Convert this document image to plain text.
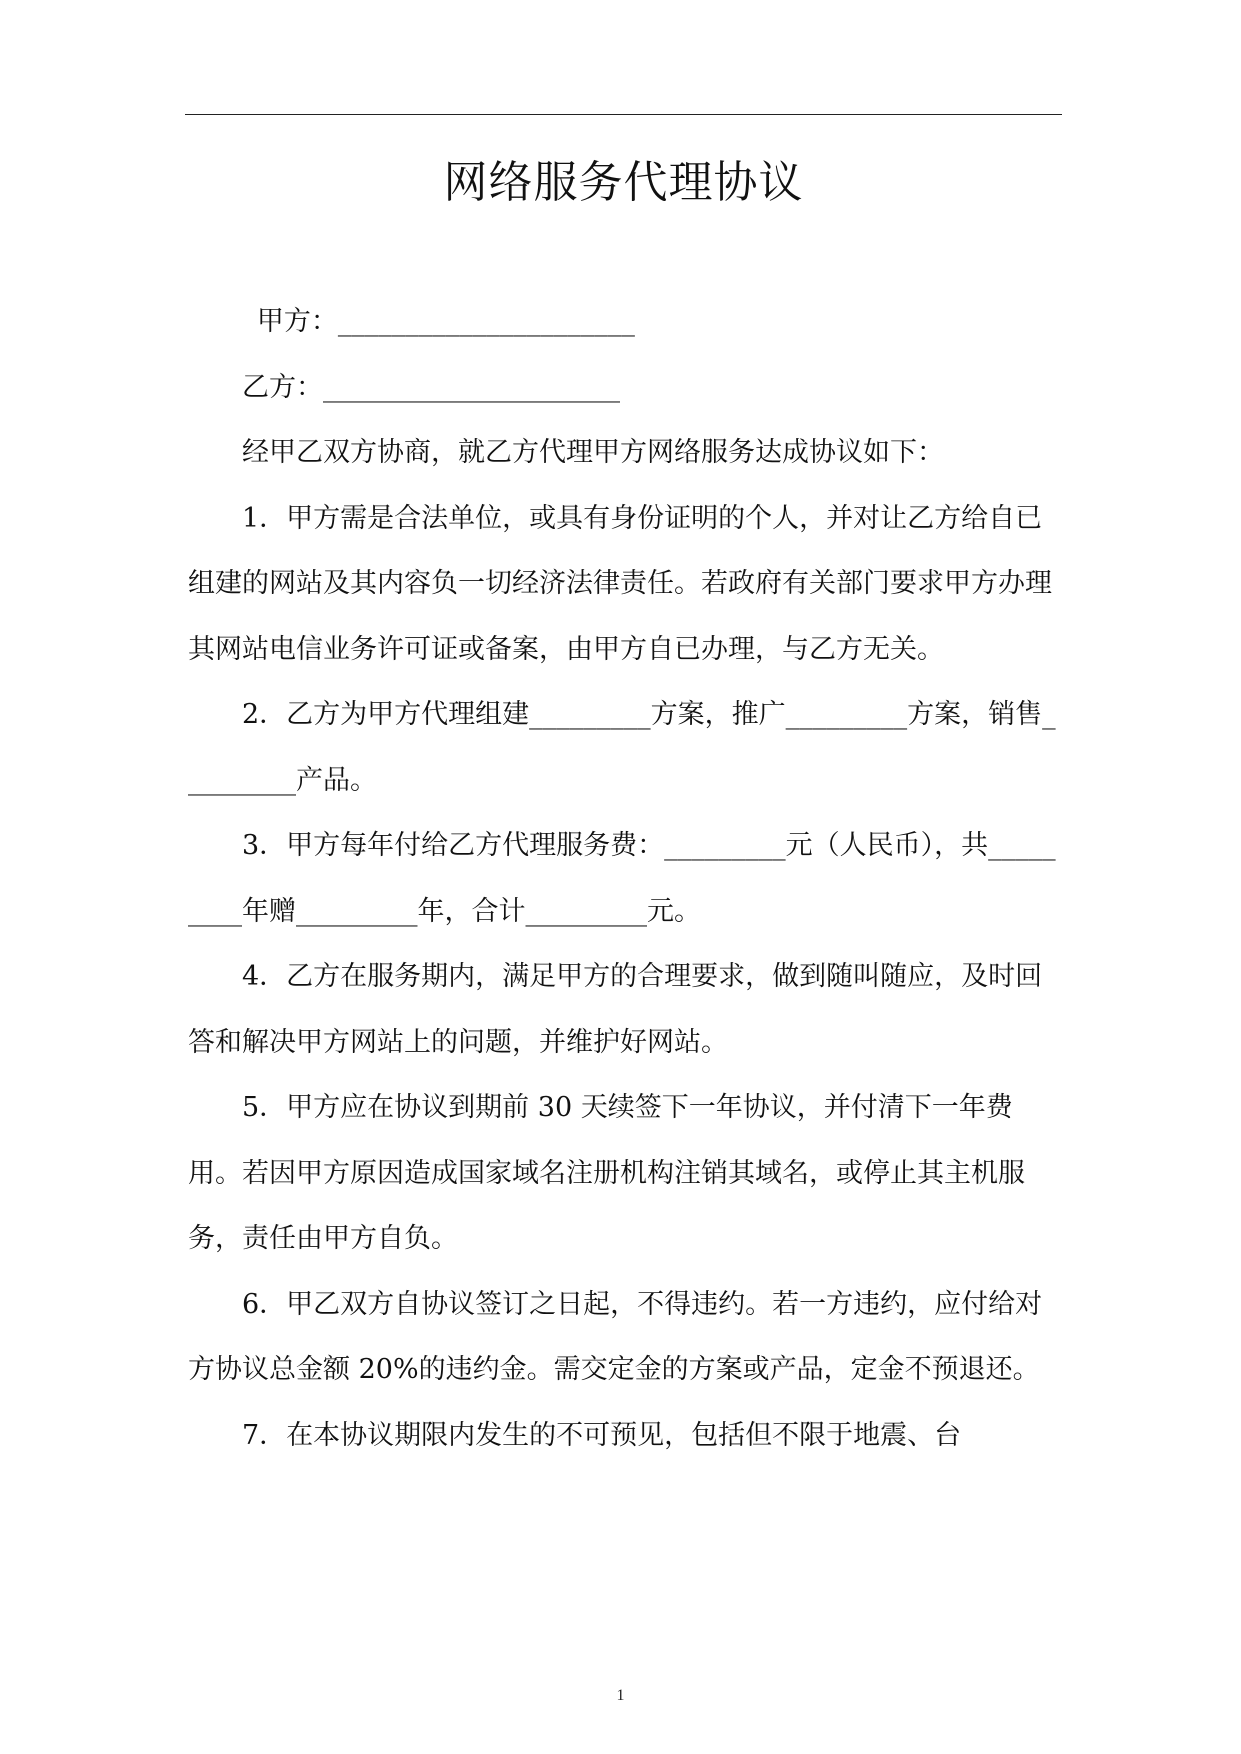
网络服务代理协议

甲方：______________________

乙方：______________________

经甲乙双方协商，就乙方代理甲方网络服务达成协议如下：

1．甲方需是合法单位，或具有身份证明的个人，并对让乙方给自已组建的网站及其内容负一切经济法律责任。若政府有关部门要求甲方办理其网站电信业务许可证或备案，由甲方自已办理，与乙方无关。

2．乙方为甲方代理组建_________方案，推广_________方案，销售_________产品。

3．甲方每年付给乙方代理服务费：_________元（人民币），共_________年赠_________年，合计_________元。

4．乙方在服务期内，满足甲方的合理要求，做到随叫随应，及时回答和解决甲方网站上的问题，并维护好网站。

5．甲方应在协议到期前 30 天续签下一年协议，并付清下一年费用。若因甲方原因造成国家域名注册机构注销其域名，或停止其主机服务，责任由甲方自负。

6．甲乙双方自协议签订之日起，不得违约。若一方违约，应付给对方协议总金额 20%的违约金。需交定金的方案或产品，定金不预退还。

7．在本协议期限内发生的不可预见，包括但不限于地震、台

1
